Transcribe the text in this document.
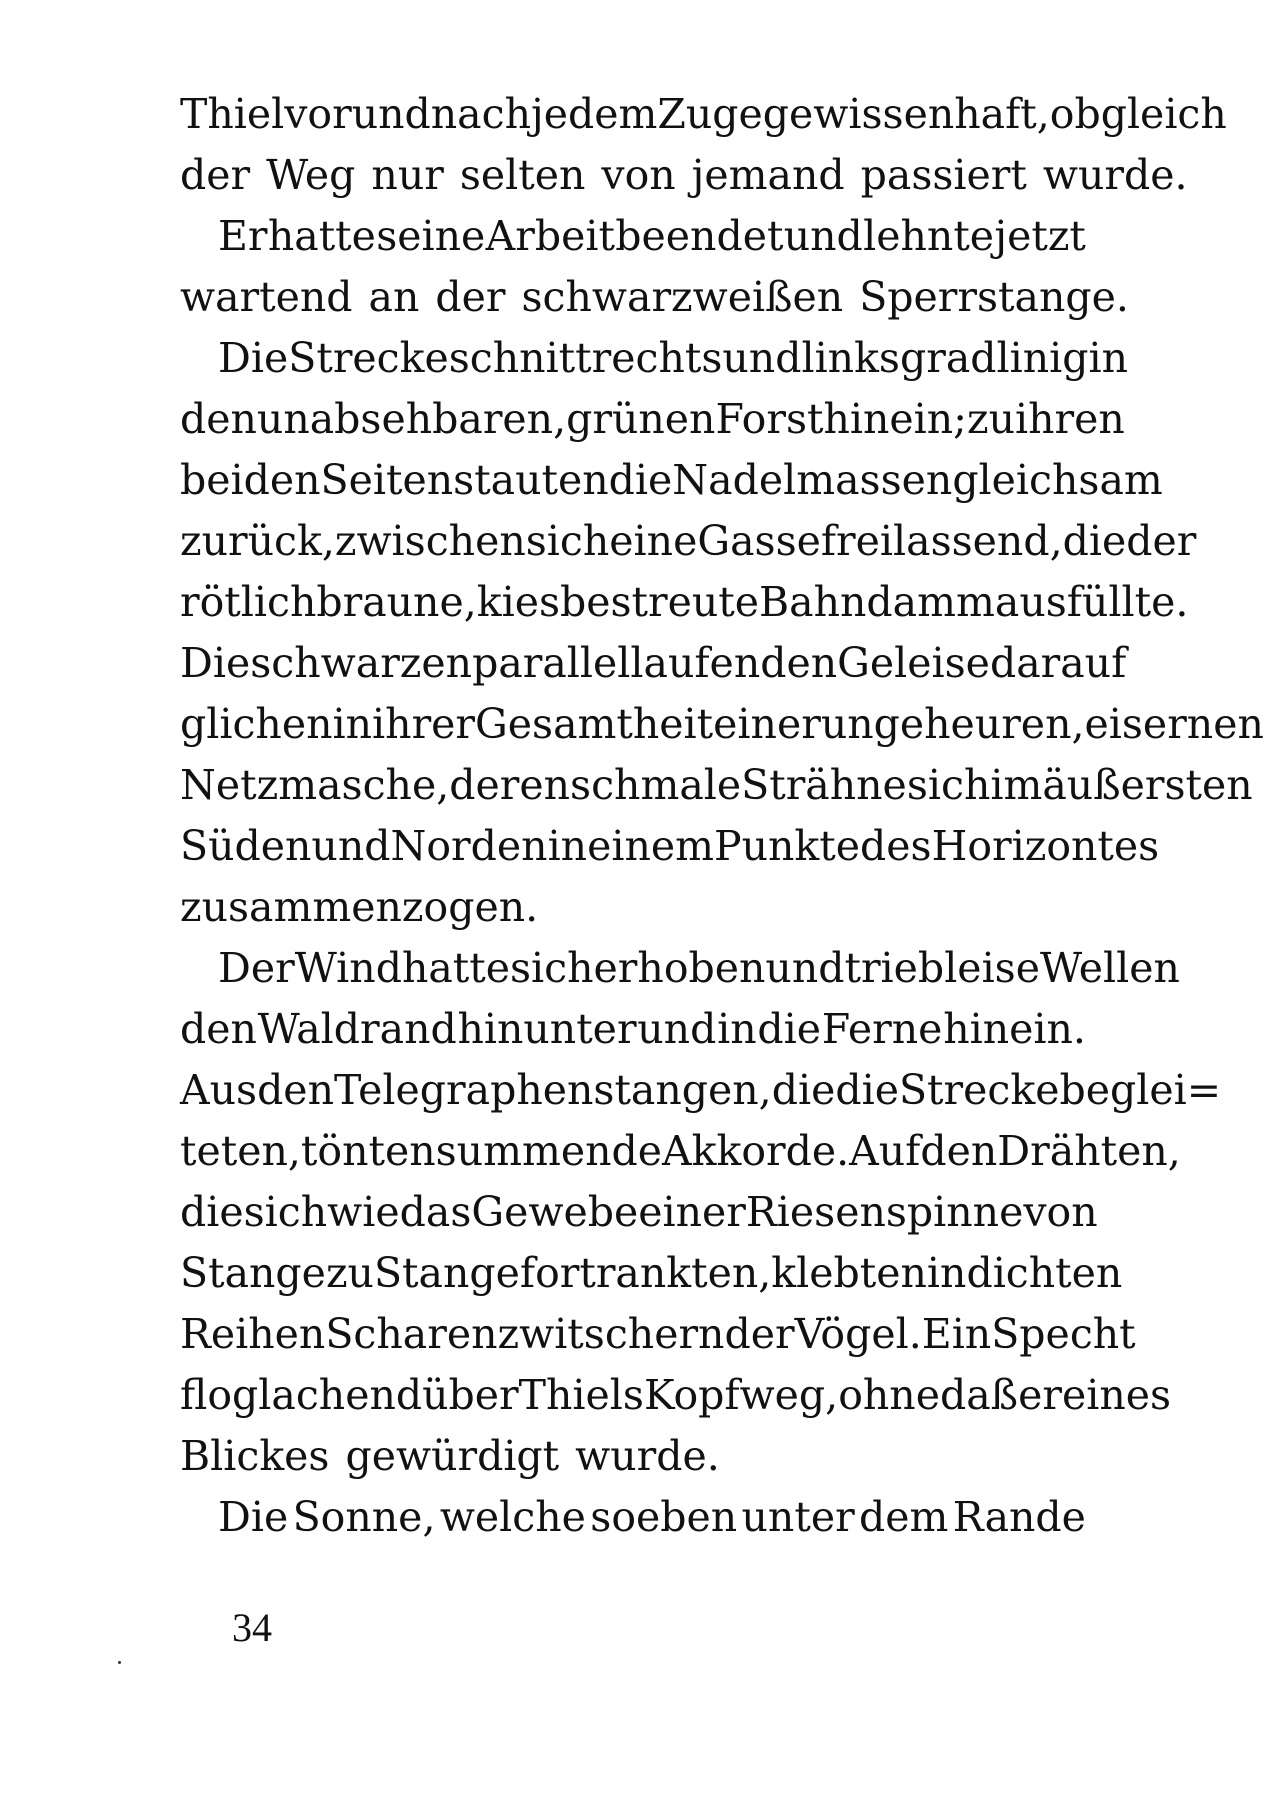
Thiel vor und nach jedem Zuge gewissenhaft, obgleich
der Weg nur selten von jemand passiert wurde.
Er hatte seine Arbeit beendet und lehnte jetzt
wartend an der schwarzweißen Sperrstange.
Die Strecke schnitt rechts und links gradlinig in
den unabsehbaren, grünen Forst hinein; zu ihren
beiden Seiten stauten die Nadelmassen gleichsam
zurück, zwischen sich eine Gasse freilassend, die der
rötlichbraune, kiesbestreute Bahndamm ausfüllte.
Die schwarzen parallellaufenden Geleise darauf
glichen in ihrer Gesamtheit einer ungeheuren, eisernen
Netzmasche, deren schmale Strähne sich im äußersten
Süden und Norden in einem Punkte des Horizontes
zusammenzogen.
Der Wind hatte sich erhoben und trieb leise Wellen
den Waldrand hinunter und in die Ferne hinein.
Aus den Telegraphenstangen, die die Strecke beglei=
teten, tönten summende Akkorde. Auf den Drähten,
die sich wie das Gewebe einer Riesenspinne von
Stange zu Stange fortrankten, klebten in dichten
Reihen Scharen zwitschernder Vögel. Ein Specht
flog lachend über Thiels Kopf weg, ohne daß er eines
Blickes gewürdigt wurde.
Die Sonne, welche soeben unter dem Rande
34
